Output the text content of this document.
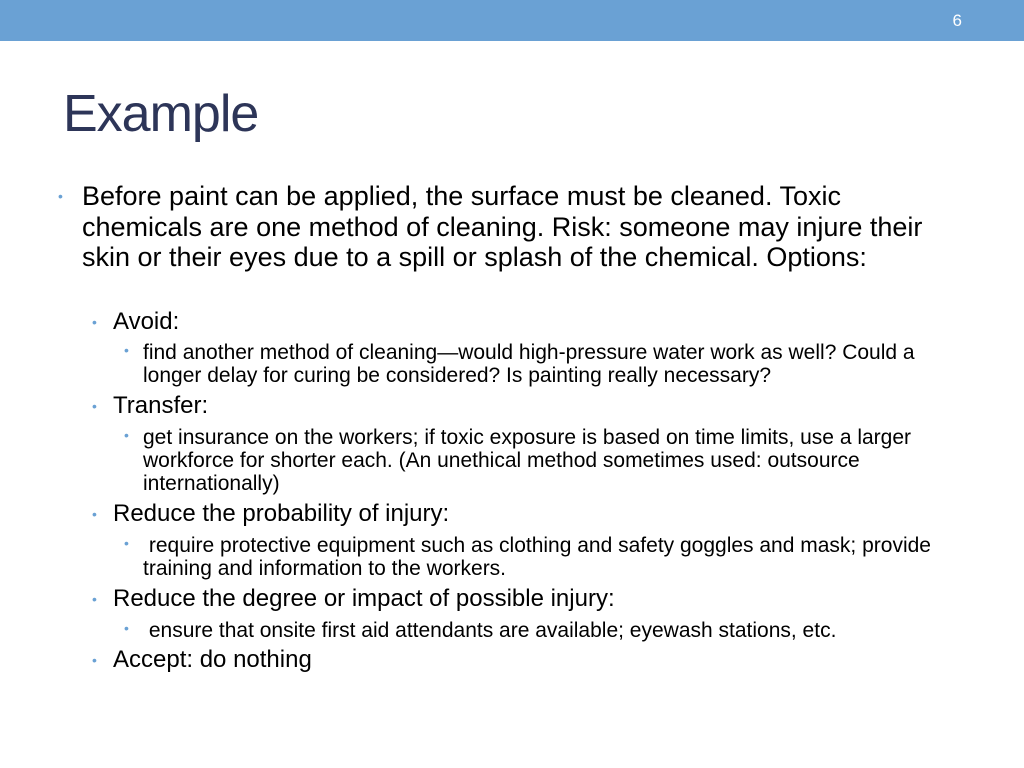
6
Example
• Before paint can be applied, the surface must be cleaned. Toxic chemicals are one method of cleaning. Risk: someone may injure their skin or their eyes due to a spill or splash of the chemical. Options:
• Avoid:
• find another method of cleaning—would high-pressure water work as well? Could a longer delay for curing be considered? Is painting really necessary?
• Transfer:
• get insurance on the workers; if toxic exposure is based on time limits, use a larger workforce for shorter each. (An unethical method sometimes used: outsource internationally)
• Reduce the probability of injury:
• require protective equipment such as clothing and safety goggles and mask; provide training and information to the workers.
• Reduce the degree or impact of possible injury:
• ensure that onsite first aid attendants are available; eyewash stations, etc.
• Accept: do nothing
